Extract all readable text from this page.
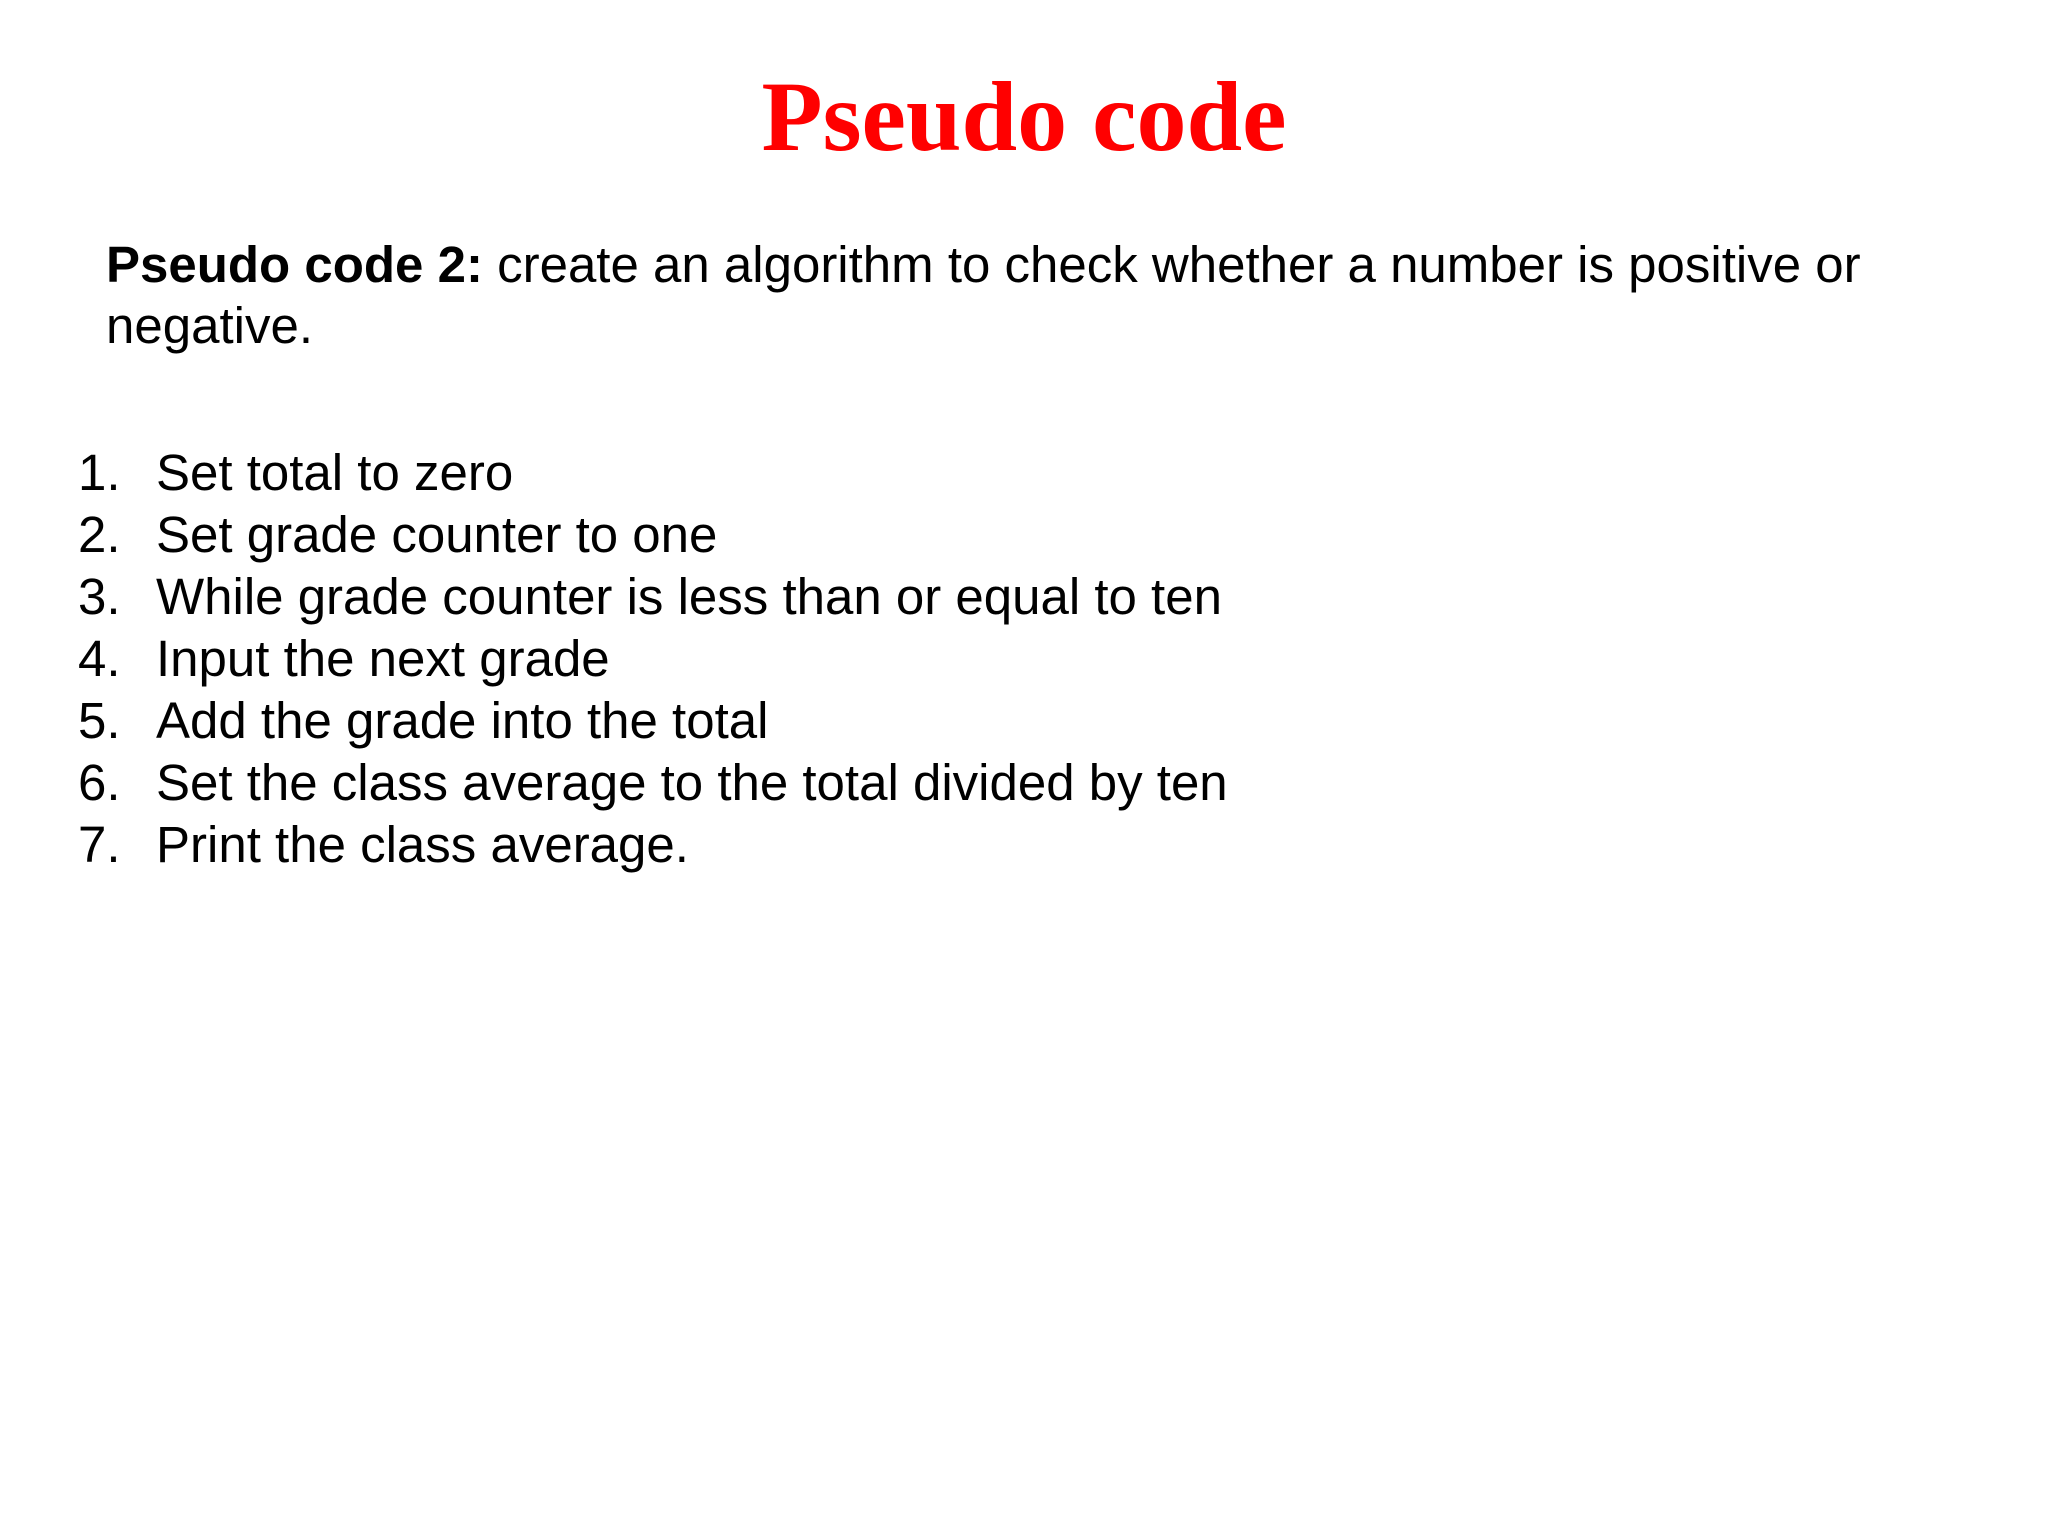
Pseudo code

Pseudo code 2: create an algorithm to check whether a number is positive or negative.

1. Set total to zero
2. Set grade counter to one
3. While grade counter is less than or equal to ten
4. Input the next grade
5. Add the grade into the total
6. Set the class average to the total divided by ten
7. Print the class average.
